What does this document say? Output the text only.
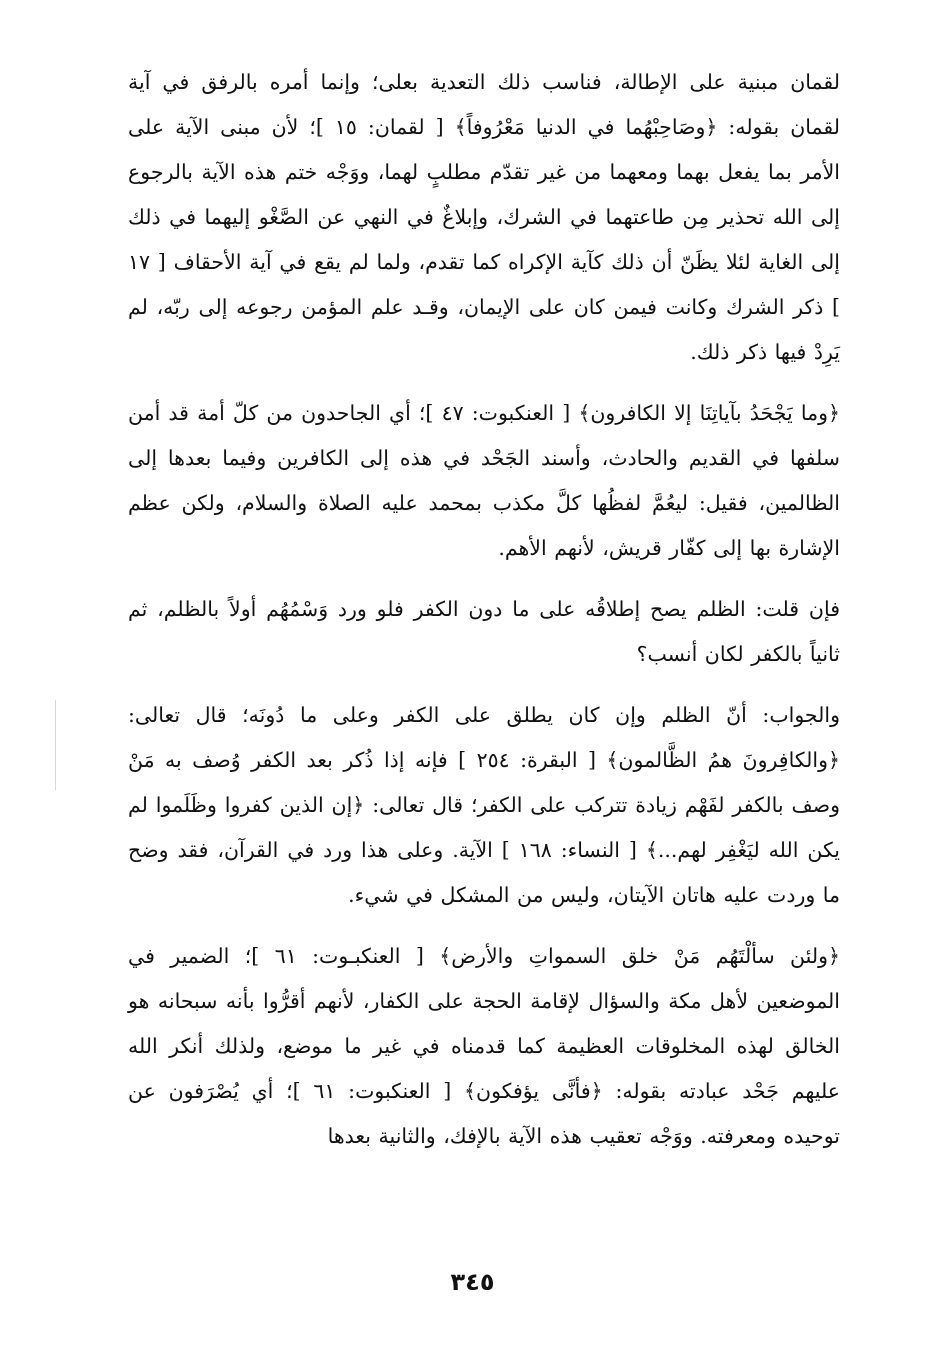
لقمان مبنية على الإطالة، فناسب ذلك التعدية بعلى؛ وإنما أمره بالرفق في آية لقمان بقوله: ﴿وصَاحِبْهُما في الدنيا مَعْرُوفاً﴾ [ لقمان: ١٥ ]؛ لأن مبنى الآية على الأمر بما يفعل بهما ومعهما من غير تقدّم مطلبٍ لهما، ووَجْه ختم هذه الآية بالرجوع إلى الله تحذير مِن طاعتهما في الشرك، وإبلاغٌ في النهي عن الصَّغْو إليهما في ذلك إلى الغاية لئلا يظَنّ أن ذلك كآية الإكراه كما تقدم، ولما لم يقع في آية الأحقاف [ ١٧ ] ذكر الشرك وكانت فيمن كان على الإيمان، وقـد علم المؤمن رجوعه إلى ربّه، لم يَرِدْ فيها ذكر ذلك.

﴿وما يَجْحَدُ بآياتِنَا إلا الكافرون﴾ [ العنكبوت: ٤٧ ]؛ أي الجاحدون من كلّ أمة قد أمن سلفها في القديم والحادث، وأسند الجَحْد في هذه إلى الكافرين وفيما بعدها إلى الظالمين، فقيل: ليعُمَّ لفظُها كلَّ مكذب بمحمد عليه الصلاة والسلام، ولكن عظم الإشارة بها إلى كفّار قريش، لأنهم الأهم.

فإن قلت: الظلم يصح إطلاقُه على ما دون الكفر فلو ورد وَسْمُهُم أولاً بالظلم، ثم ثانياً بالكفر لكان أنسب؟

والجواب: أنّ الظلم وإن كان يطلق على الكفر وعلى ما دُونَه؛ قال تعالى: ﴿والكافِرونَ همُ الظَّالمون﴾ [ البقرة: ٢٥٤ ] فإنه إذا ذُكر بعد الكفر وُصف به مَنْ وصف بالكفر لفَهْم زيادة تترکب على الكفر؛ قال تعالى: ﴿إن الذين كفروا وظَلَموا لم يكن الله ليَغْفِر لهم...﴾ [ النساء: ١٦٨ ] الآية. وعلى هذا ورد في القرآن، فقد وضح ما وردت عليه هاتان الآيتان، وليس من المشكل في شيء.

﴿ولئن سألْتَهُم مَنْ خلق السمواتِ والأرض﴾ [ العنكبـوت: ٦١ ]؛ الضمير في الموضعين لأهل مكة والسؤال لإقامة الحجة على الكفار، لأنهم أقرُّوا بأنه سبحانه هو الخالق لهذه المخلوقات العظيمة كما قدمناه في غير ما موضع، ولذلك أنكر الله عليهم جَحْد عبادته بقوله: ﴿فأنَّى يؤفكون﴾ [ العنكبوت: ٦١ ]؛ أي يُصْرَفون عن توحيده ومعرفته. ووَجْه تعقيب هذه الآية بالإفك، والثانية بعدها

٣٤٥
